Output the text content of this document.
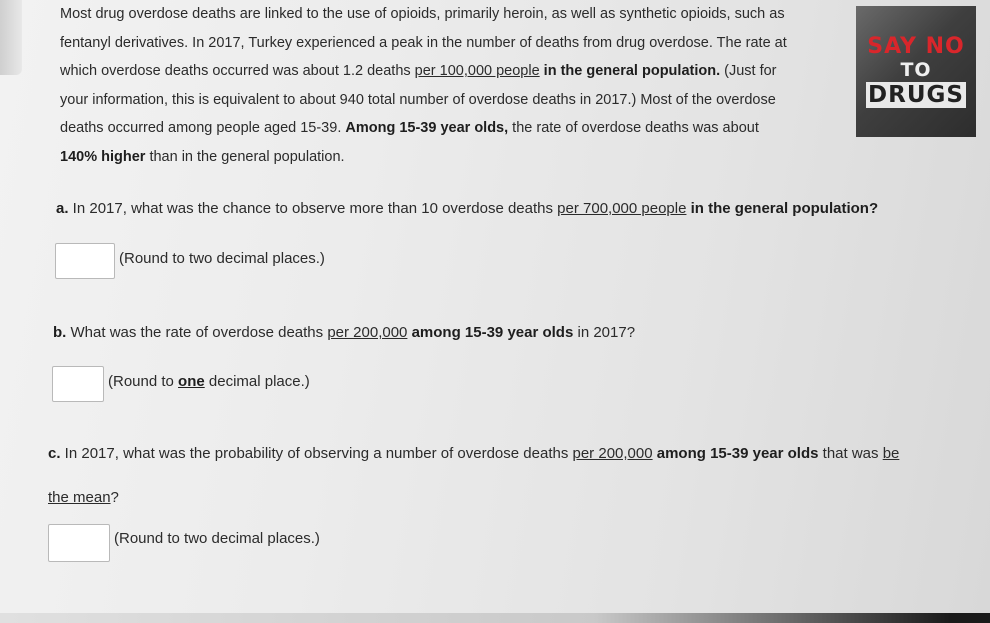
Most drug overdose deaths are linked to the use of opioids, primarily heroin, as well as synthetic opioids, such as

fentanyl derivatives. In 2017, Turkey experienced a peak in the number of deaths from drug overdose. The rate at

which overdose deaths occurred was about 1.2 deaths per 100,000 people in the general population. (Just for

your information, this is equivalent to about 940 total number of overdose deaths in 2017.) Most of the overdose

deaths occurred among people aged 15-39. Among 15-39 year olds, the rate of overdose deaths was about

140% higher than in the general population.

SAY NO
TO
DRUGS
a. In 2017, what was the chance to observe more than 10 overdose deaths per 700,000 people in the general population?
(Round to two decimal places.)
b. What was the rate of overdose deaths per 200,000 among 15-39 year olds in 2017?
(Round to one decimal place.)
c. In 2017, what was the probability of observing a number of overdose deaths per 200,000 among 15-39 year olds that was be
the mean?
(Round to two decimal places.)
